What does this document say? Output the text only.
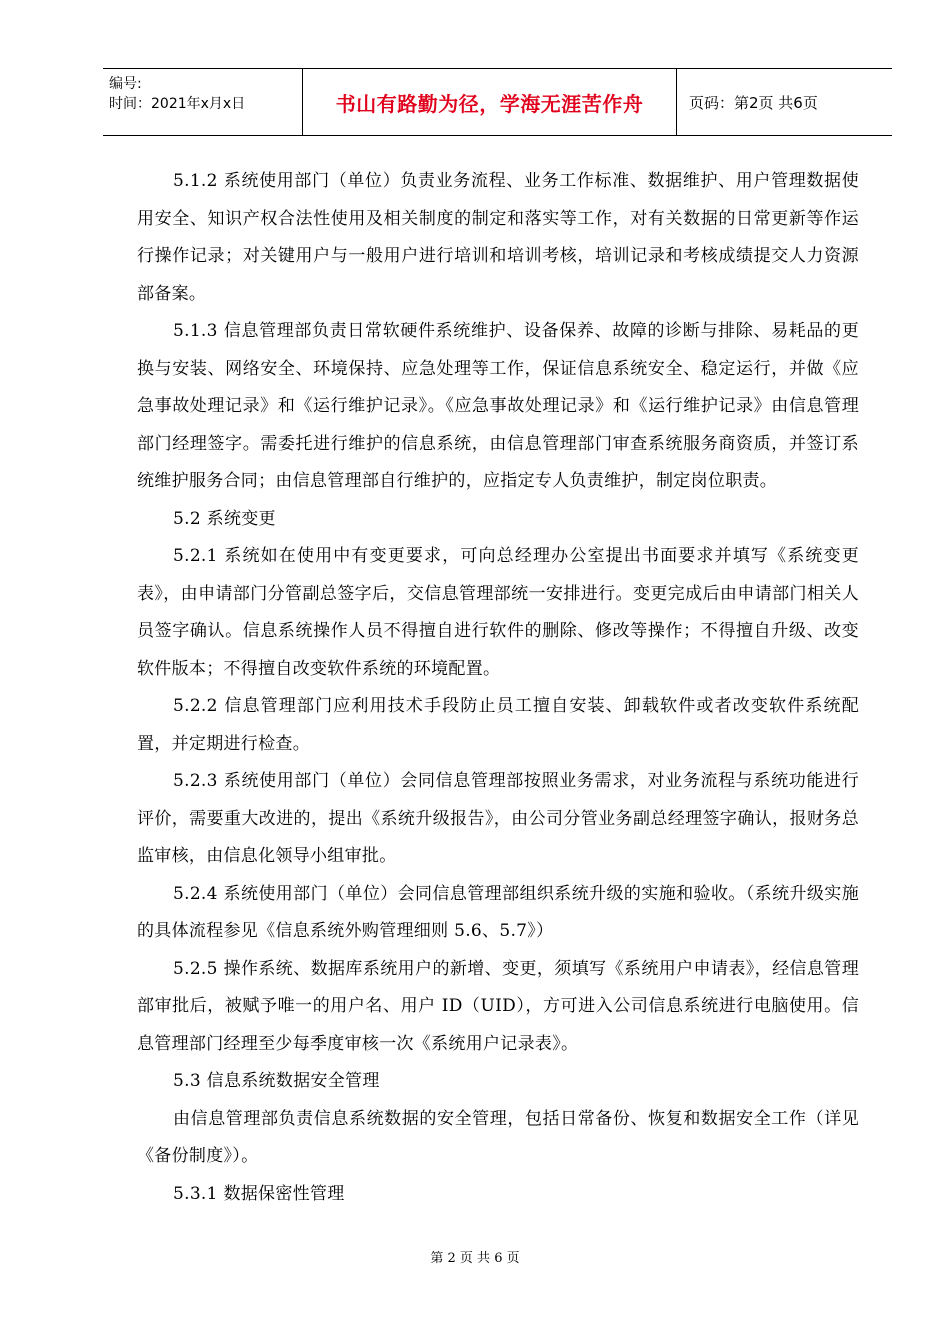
编号:
时间：2021年x月x日	书山有路勤为径，学海无涯苦作舟	页码：第2页 共6页

5.1.2 系统使用部门（单位）负责业务流程、业务工作标准、数据维护、用户管理数据使用安全、知识产权合法性使用及相关制度的制定和落实等工作，对有关数据的日常更新等作运行操作记录；对关键用户与一般用户进行培训和培训考核，培训记录和考核成绩提交人力资源部备案。

5.1.3 信息管理部负责日常软硬件系统维护、设备保养、故障的诊断与排除、易耗品的更换与安装、网络安全、环境保持、应急处理等工作，保证信息系统安全、稳定运行，并做《应急事故处理记录》和《运行维护记录》。《应急事故处理记录》和《运行维护记录》由信息管理部门经理签字。需委托进行维护的信息系统，由信息管理部门审查系统服务商资质，并签订系统维护服务合同；由信息管理部自行维护的，应指定专人负责维护，制定岗位职责。

5.2 系统变更

5.2.1 系统如在使用中有变更要求，可向总经理办公室提出书面要求并填写《系统变更表》，由申请部门分管副总签字后，交信息管理部统一安排进行。变更完成后由申请部门相关人员签字确认。信息系统操作人员不得擅自进行软件的删除、修改等操作；不得擅自升级、改变软件版本；不得擅自改变软件系统的环境配置。

5.2.2 信息管理部门应利用技术手段防止员工擅自安装、卸载软件或者改变软件系统配置，并定期进行检查。

5.2.3 系统使用部门（单位）会同信息管理部按照业务需求，对业务流程与系统功能进行评价，需要重大改进的，提出《系统升级报告》，由公司分管业务副总经理签字确认，报财务总监审核，由信息化领导小组审批。

5.2.4 系统使用部门（单位）会同信息管理部组织系统升级的实施和验收。（系统升级实施的具体流程参见《信息系统外购管理细则 5.6、5.7》）

5.2.5 操作系统、数据库系统用户的新增、变更，须填写《系统用户申请表》，经信息管理部审批后，被赋予唯一的用户名、用户 ID（UID），方可进入公司信息系统进行电脑使用。信息管理部门经理至少每季度审核一次《系统用户记录表》。

5.3 信息系统数据安全管理

由信息管理部负责信息系统数据的安全管理，包括日常备份、恢复和数据安全工作（详见《备份制度》）。

5.3.1 数据保密性管理

第 2 页 共 6 页
